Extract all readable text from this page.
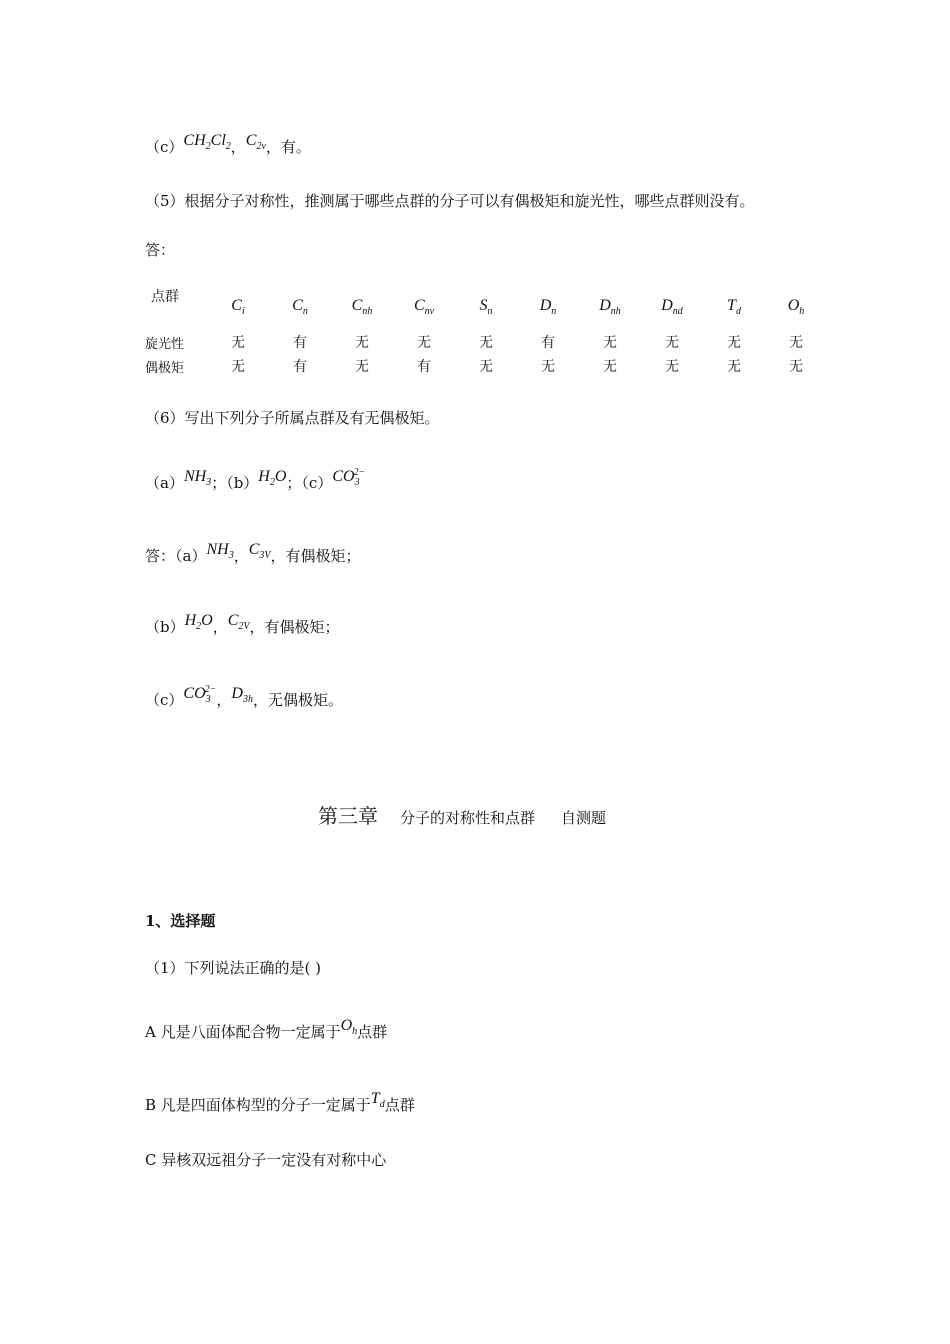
$(c)CH_2Cl_2$，$C_{2v}$，有。
（5）根据分子对称性，推测属于哪些点群的分子可以有偶极矩和旋光性，哪些点群则没有。
答：
点群	$C_i$	$C_n$	$C_{nh}$	$C_{nv}$	$S_n$	$D_n$	$D_{nh}$	$D_{nd}$	$T_d$	$O_h$
旋光性	无	有	无	无	无	有	无	无	无	无
偶极矩	无	有	无	有	无	无	无	无	无	无
（6）写出下列分子所属点群及有无偶极矩。
$(a)NH_3$；$(b)H_2O$；$(c)CO_3^{2-}$
答：$(a)NH_3$，$C_{3V}$，有偶极矩；
$(b)H_2O$，$C_{2V}$，有偶极矩；
$(c)CO_3^{2-}$，$D_{3h}$，无偶极矩。
第三章 分子的对称性和点群 自测题
1、选择题
（1）下列说法正确的是( )
A 凡是八面体配合物一定属于$O_h$点群
B 凡是四面体构型的分子一定属于$T_d$点群
C 异核双远祖分子一定没有对称中心
